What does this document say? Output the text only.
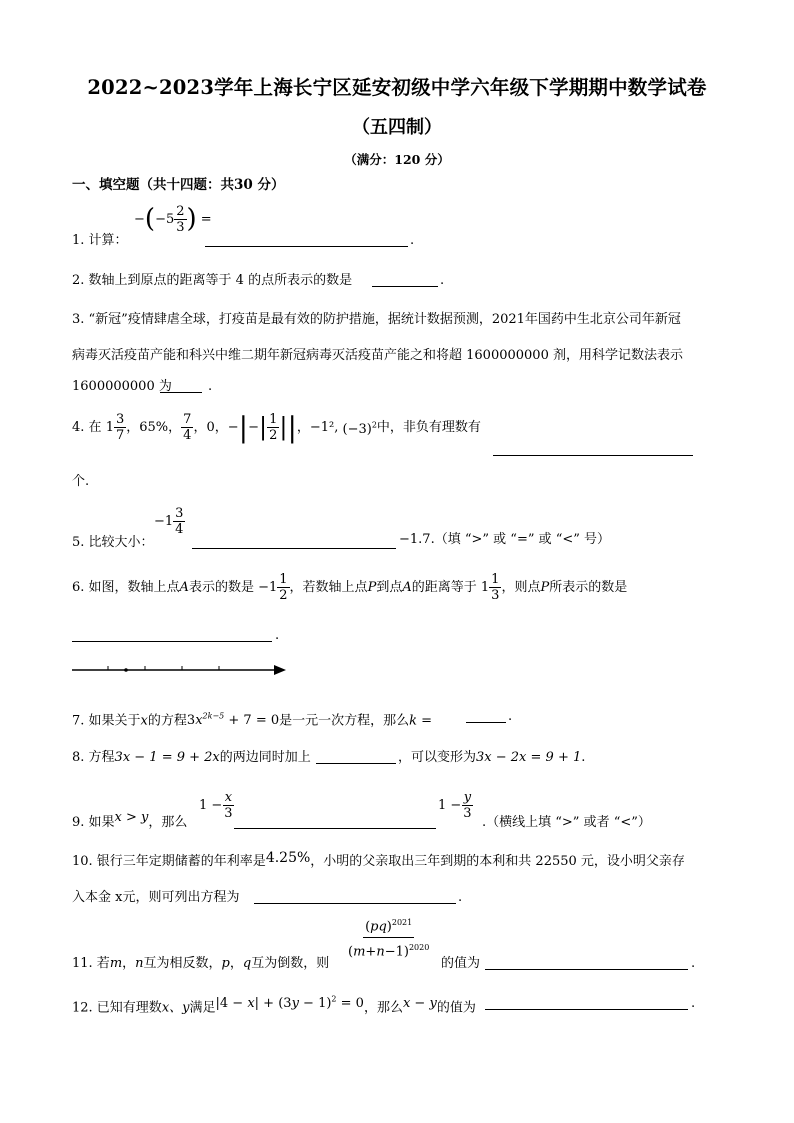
2022~2023学年上海长宁区延安初级中学六年级下学期期中数学试卷
（五四制）
（满分：120 分）
一、填空题（共十四题：共30 分）
$-(-5 \frac{2}{3}$ ) =
1. 计算：	.
2. 数轴上到原点的距离等于 4 的点所表示的数是	.
3. “新冠”疫情肆虐全球，打疫苗是最有效的防护措施，据统计数据预测，2021年国药中生北京公司年新冠
病毒灭活疫苗产能和科兴中维二期年新冠病毒灭活疫苗产能之和将超 1600000000 剂，用科学记数法表示
1600000000 为	.
4. 在 $1 \frac{3}{7}$ ，65%， $\frac{7}{4}$ ，0，−|−| $\frac{1}{2}$ ||，−1², $(-3)^2$中，非负有理数有
个.
$-1 \frac{3}{4}$
5. 比较大小：	−1.7.（填 “>” 或 “=” 或 “<” 号）
6. 如图，数轴上点A表示的数是 $-1 \frac{1}{2}$ ，若数轴上点P到点A的距离等于 $1 \frac{1}{3}$ ，则点P所表示的数是
.
7. 如果关于x的方程$3x^{2k-5} + 7 = 0$是一元一次方程，那么k =	.
8. 方程3x − 1 = 9 + 2x的两边同时加上	，可以变形为3x − 2x = 9 + 1.
$1 - \frac{x}{3}$	$1 - \frac{y}{3}$
9. 如果x > y，那么	.（横线上填 “>” 或者 “<”）
10. 银行三年定期储蓄的年利率是4.25%，小明的父亲取出三年到期的本利和共 22550 元，设小明父亲存
入本金 x元，则可列出方程为	.
$\frac{(pq)^{2021}}{(m+n-1)^{2020}}$
11. 若m，n互为相反数，p，q互为倒数，则	的值为	.
12. 已知有理数x、y满足$|4 - x| + (3y - 1)^2 = 0$，那么x − y的值为	.
